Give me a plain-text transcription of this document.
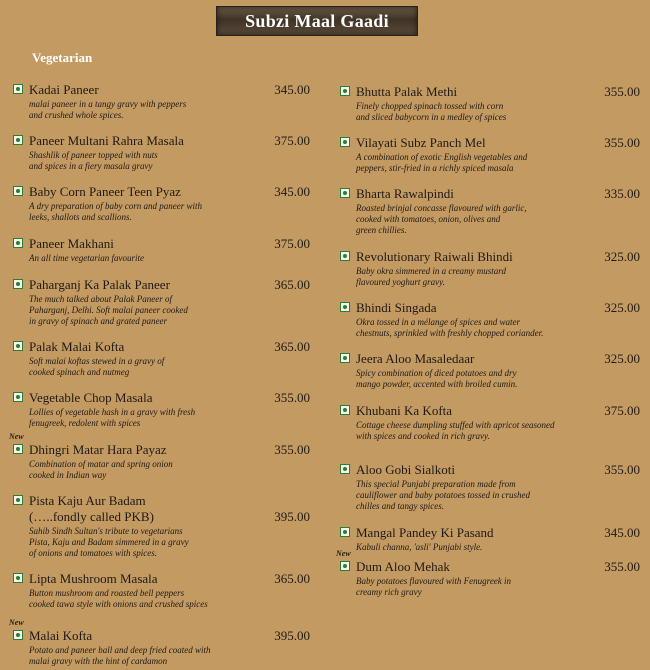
Subzi Maal Gaadi
Vegetarian
Kadai Paneer	345.00
malai paneer in a tangy gravy with peppers
and crushed whole spices.
Paneer Multani Rahra Masala	375.00
Shashlik of paneer topped with nuts
and spices in a fiery masala gravy
Baby Corn Paneer Teen Pyaz	345.00
A dry preparation of baby corn and paneer with
leeks, shallots and scallions.
Paneer Makhani	375.00
An all time vegetarian favourite
Paharganj Ka Palak Paneer	365.00
The much talked about Palak Paneer of
Paharganj, Delhi. Soft malai paneer cooked
in gravy of spinach and grated paneer
Palak Malai Kofta	365.00
Soft malai koftas stewed in a gravy of
cooked spinach and nutmeg
Vegetable Chop Masala	355.00
Lollies of vegetable hash in a gravy with fresh
fenugreek, redolent with spices
New
Dhingri Matar Hara Payaz	355.00
Combination of matar and spring onion
cooked in Indian way
Pista Kaju Aur Badam
(…..fondly called PKB)	395.00
Sahib Sindh Sultan's tribute to vegetarians
Pista, Kaju and Badam simmered in a gravy
of onions and tomatoes with spices.
Lipta Mushroom Masala	365.00
Button mushroom and roasted bell peppers
cooked tawa style with onions and crushed spices
New
Malai Kofta	395.00
Potato and paneer ball and deep fried coated with
malai gravy with the hint of cardamon
Bhutta Palak Methi	355.00
Finely chopped spinach tossed with corn
and sliced babycorn in a medley of spices
Vilayati Subz Panch Mel	355.00
A combination of exotic English vegetables and
peppers, stir-fried in a richly spiced masala
Bharta Rawalpindi	335.00
Roasted brinjal concasse flavoured with garlic,
cooked with tomatoes, onion, olives and
green chillies.
Revolutionary Raiwali Bhindi	325.00
Baby okra simmered in a creamy mustard
flavoured yoghurt gravy.
Bhindi Singada	325.00
Okra tossed in a mélange of spices and water
chestnuts, sprinkled with freshly chopped coriander.
Jeera Aloo Masaledaar	325.00
Spicy combination of diced potatoes and dry
mango powder, accented with broiled cumin.
Khubani Ka Kofta	375.00
Cottage cheese dumpling stuffed with apricot seasoned
with spices and cooked in rich gravy.
Aloo Gobi Sialkoti	355.00
This special Punjabi preparation made from
cauliflower and baby potatoes tossed in crushed
chilles and tangy spices.
Mangal Pandey Ki Pasand	345.00
Kabuli channa, 'asli' Punjabi style.
New
Dum Aloo Mehak	355.00
Baby potatoes flavoured with Fenugreek in
creamy rich gravy
